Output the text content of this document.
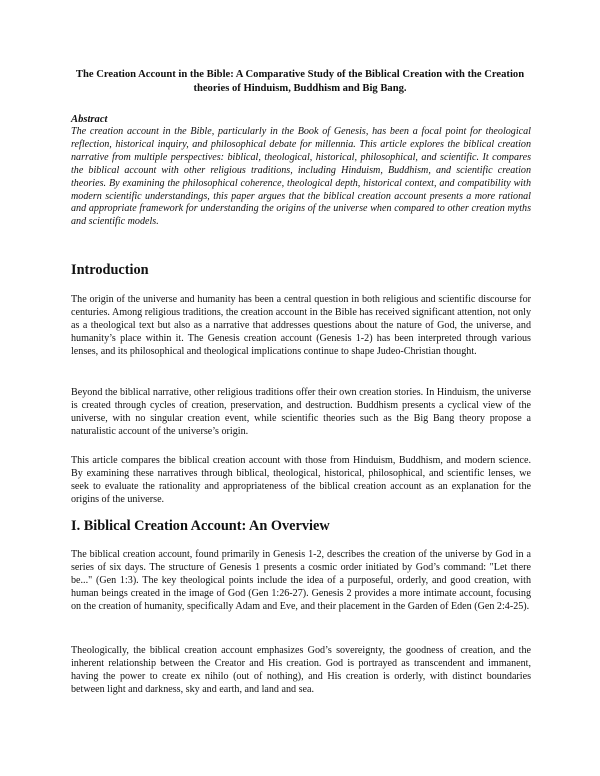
The Creation Account in the Bible: A Comparative Study of the Biblical Creation with the Creation theories of Hinduism, Buddhism and Big Bang.
Abstract

The creation account in the Bible, particularly in the Book of Genesis, has been a focal point for theological reflection, historical inquiry, and philosophical debate for millennia. This article explores the biblical creation narrative from multiple perspectives: biblical, theological, historical, philosophical, and scientific. It compares the biblical account with other religious traditions, including Hinduism, Buddhism, and scientific creation theories. By examining the philosophical coherence, theological depth, historical context, and compatibility with modern scientific understandings, this paper argues that the biblical creation account presents a more rational and appropriate framework for understanding the origins of the universe when compared to other creation myths and scientific models.

Introduction

The origin of the universe and humanity has been a central question in both religious and scientific discourse for centuries. Among religious traditions, the creation account in the Bible has received significant attention, not only as a theological text but also as a narrative that addresses questions about the nature of God, the universe, and humanity’s place within it. The Genesis creation account (Genesis 1-2) has been interpreted through various lenses, and its philosophical and theological implications continue to shape Judeo-Christian thought.

Beyond the biblical narrative, other religious traditions offer their own creation stories. In Hinduism, the universe is created through cycles of creation, preservation, and destruction. Buddhism presents a cyclical view of the universe, with no singular creation event, while scientific theories such as the Big Bang theory propose a naturalistic account of the universe’s origin.

This article compares the biblical creation account with those from Hinduism, Buddhism, and modern science. By examining these narratives through biblical, theological, historical, philosophical, and scientific lenses, we seek to evaluate the rationality and appropriateness of the biblical creation account as an explanation for the origins of the universe.

I. Biblical Creation Account: An Overview

The biblical creation account, found primarily in Genesis 1-2, describes the creation of the universe by God in a series of six days. The structure of Genesis 1 presents a cosmic order initiated by God’s command: "Let there be..." (Gen 1:3). The key theological points include the idea of a purposeful, orderly, and good creation, with human beings created in the image of God (Gen 1:26-27). Genesis 2 provides a more intimate account, focusing on the creation of humanity, specifically Adam and Eve, and their placement in the Garden of Eden (Gen 2:4-25).

Theologically, the biblical creation account emphasizes God’s sovereignty, the goodness of creation, and the inherent relationship between the Creator and His creation. God is portrayed as transcendent and immanent, having the power to create ex nihilo (out of nothing), and His creation is orderly, with distinct boundaries between light and darkness, sky and earth, and land and sea.
